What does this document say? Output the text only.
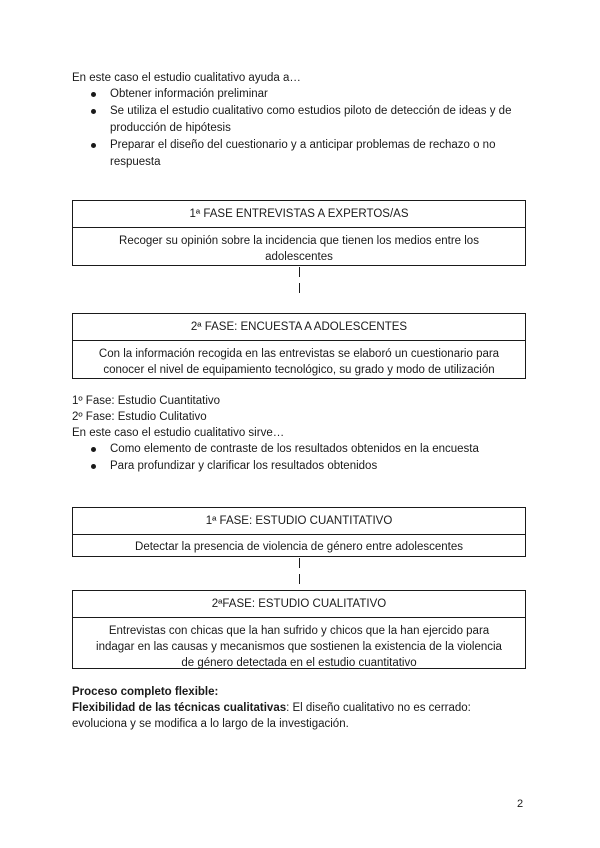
En este caso el estudio cualitativo ayuda a…
Obtener información preliminar
Se utiliza el estudio cualitativo como estudios piloto de detección de ideas y de producción de hipótesis
Preparar el diseño del cuestionario y a anticipar problemas de rechazo o no respuesta
1ª FASE ENTREVISTAS A EXPERTOS/AS
Recoger su opinión sobre la incidencia que tienen los medios entre los adolescentes
2ª FASE: ENCUESTA A ADOLESCENTES
Con la información recogida en las entrevistas se elaboró un cuestionario para conocer el nivel de equipamiento tecnológico, su grado y modo de utilización
1º Fase: Estudio Cuantitativo
2º Fase: Estudio Culitativo
En este caso el estudio cualitativo sirve…
Como elemento de contraste de los resultados obtenidos en la encuesta
Para profundizar y clarificar los resultados obtenidos
1ª FASE: ESTUDIO CUANTITATIVO
Detectar la presencia de violencia de género entre adolescentes
2ªFASE: ESTUDIO CUALITATIVO
Entrevistas con chicas que la han sufrido y chicos que la han ejercido para indagar en las causas y mecanismos que sostienen la existencia de la violencia de género detectada en el estudio cuantitativo
Proceso completo flexible:
Flexibilidad de las técnicas cualitativas: El diseño cualitativo no es cerrado:
evoluciona y se modifica a lo largo de la investigación.
2
